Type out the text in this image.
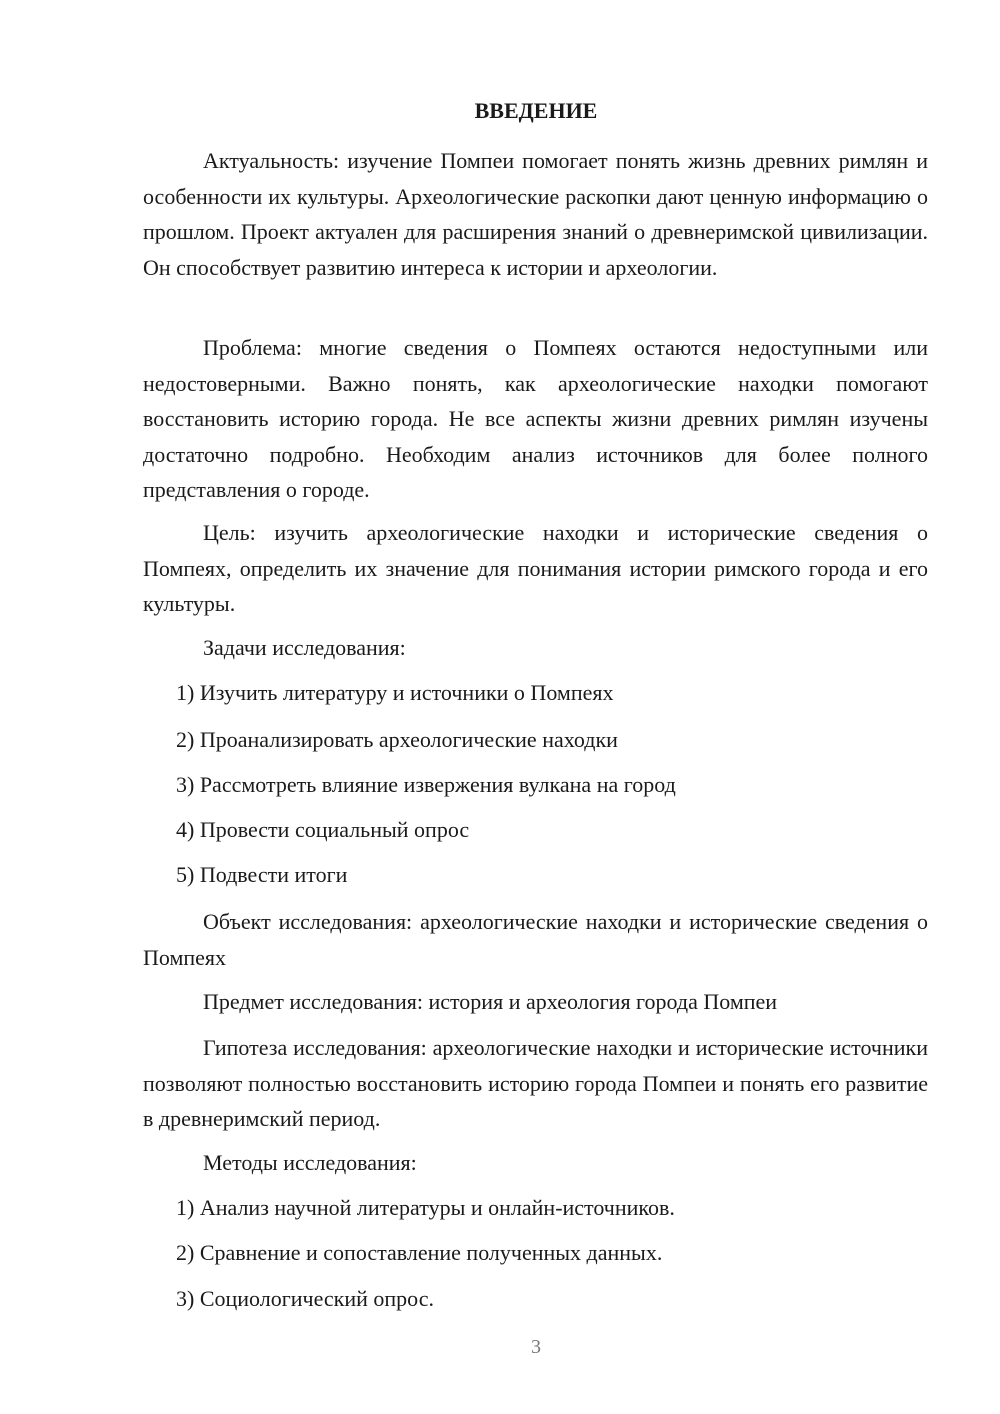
ВВЕДЕНИЕ

Актуальность: изучение Помпеи помогает понять жизнь древних римлян и особенности их культуры. Археологические раскопки дают ценную информацию о прошлом. Проект актуален для расширения знаний о древнеримской цивилизации. Он способствует развитию интереса к истории и археологии.

Проблема: многие сведения о Помпеях остаются недоступными или недостоверными. Важно понять, как археологические находки помогают восстановить историю города. Не все аспекты жизни древних римлян изучены достаточно подробно. Необходим анализ источников для более полного представления о городе.

Цель: изучить археологические находки и исторические сведения о Помпеях, определить их значение для понимания истории римского города и его культуры.

Задачи исследования:

1) Изучить литературу и источники о Помпеях

2) Проанализировать археологические находки

3) Рассмотреть влияние извержения вулкана на город

4) Провести социальный опрос

5) Подвести итоги

Объект исследования: археологические находки и исторические сведения о Помпеях

Предмет исследования: история и археология города Помпеи

Гипотеза исследования: археологические находки и исторические источники позволяют полностью восстановить историю города Помпеи и понять его развитие в древнеримский период.

Методы исследования:

1) Анализ научной литературы и онлайн-источников.

2) Сравнение и сопоставление полученных данных.

3) Социологический опрос.

3
